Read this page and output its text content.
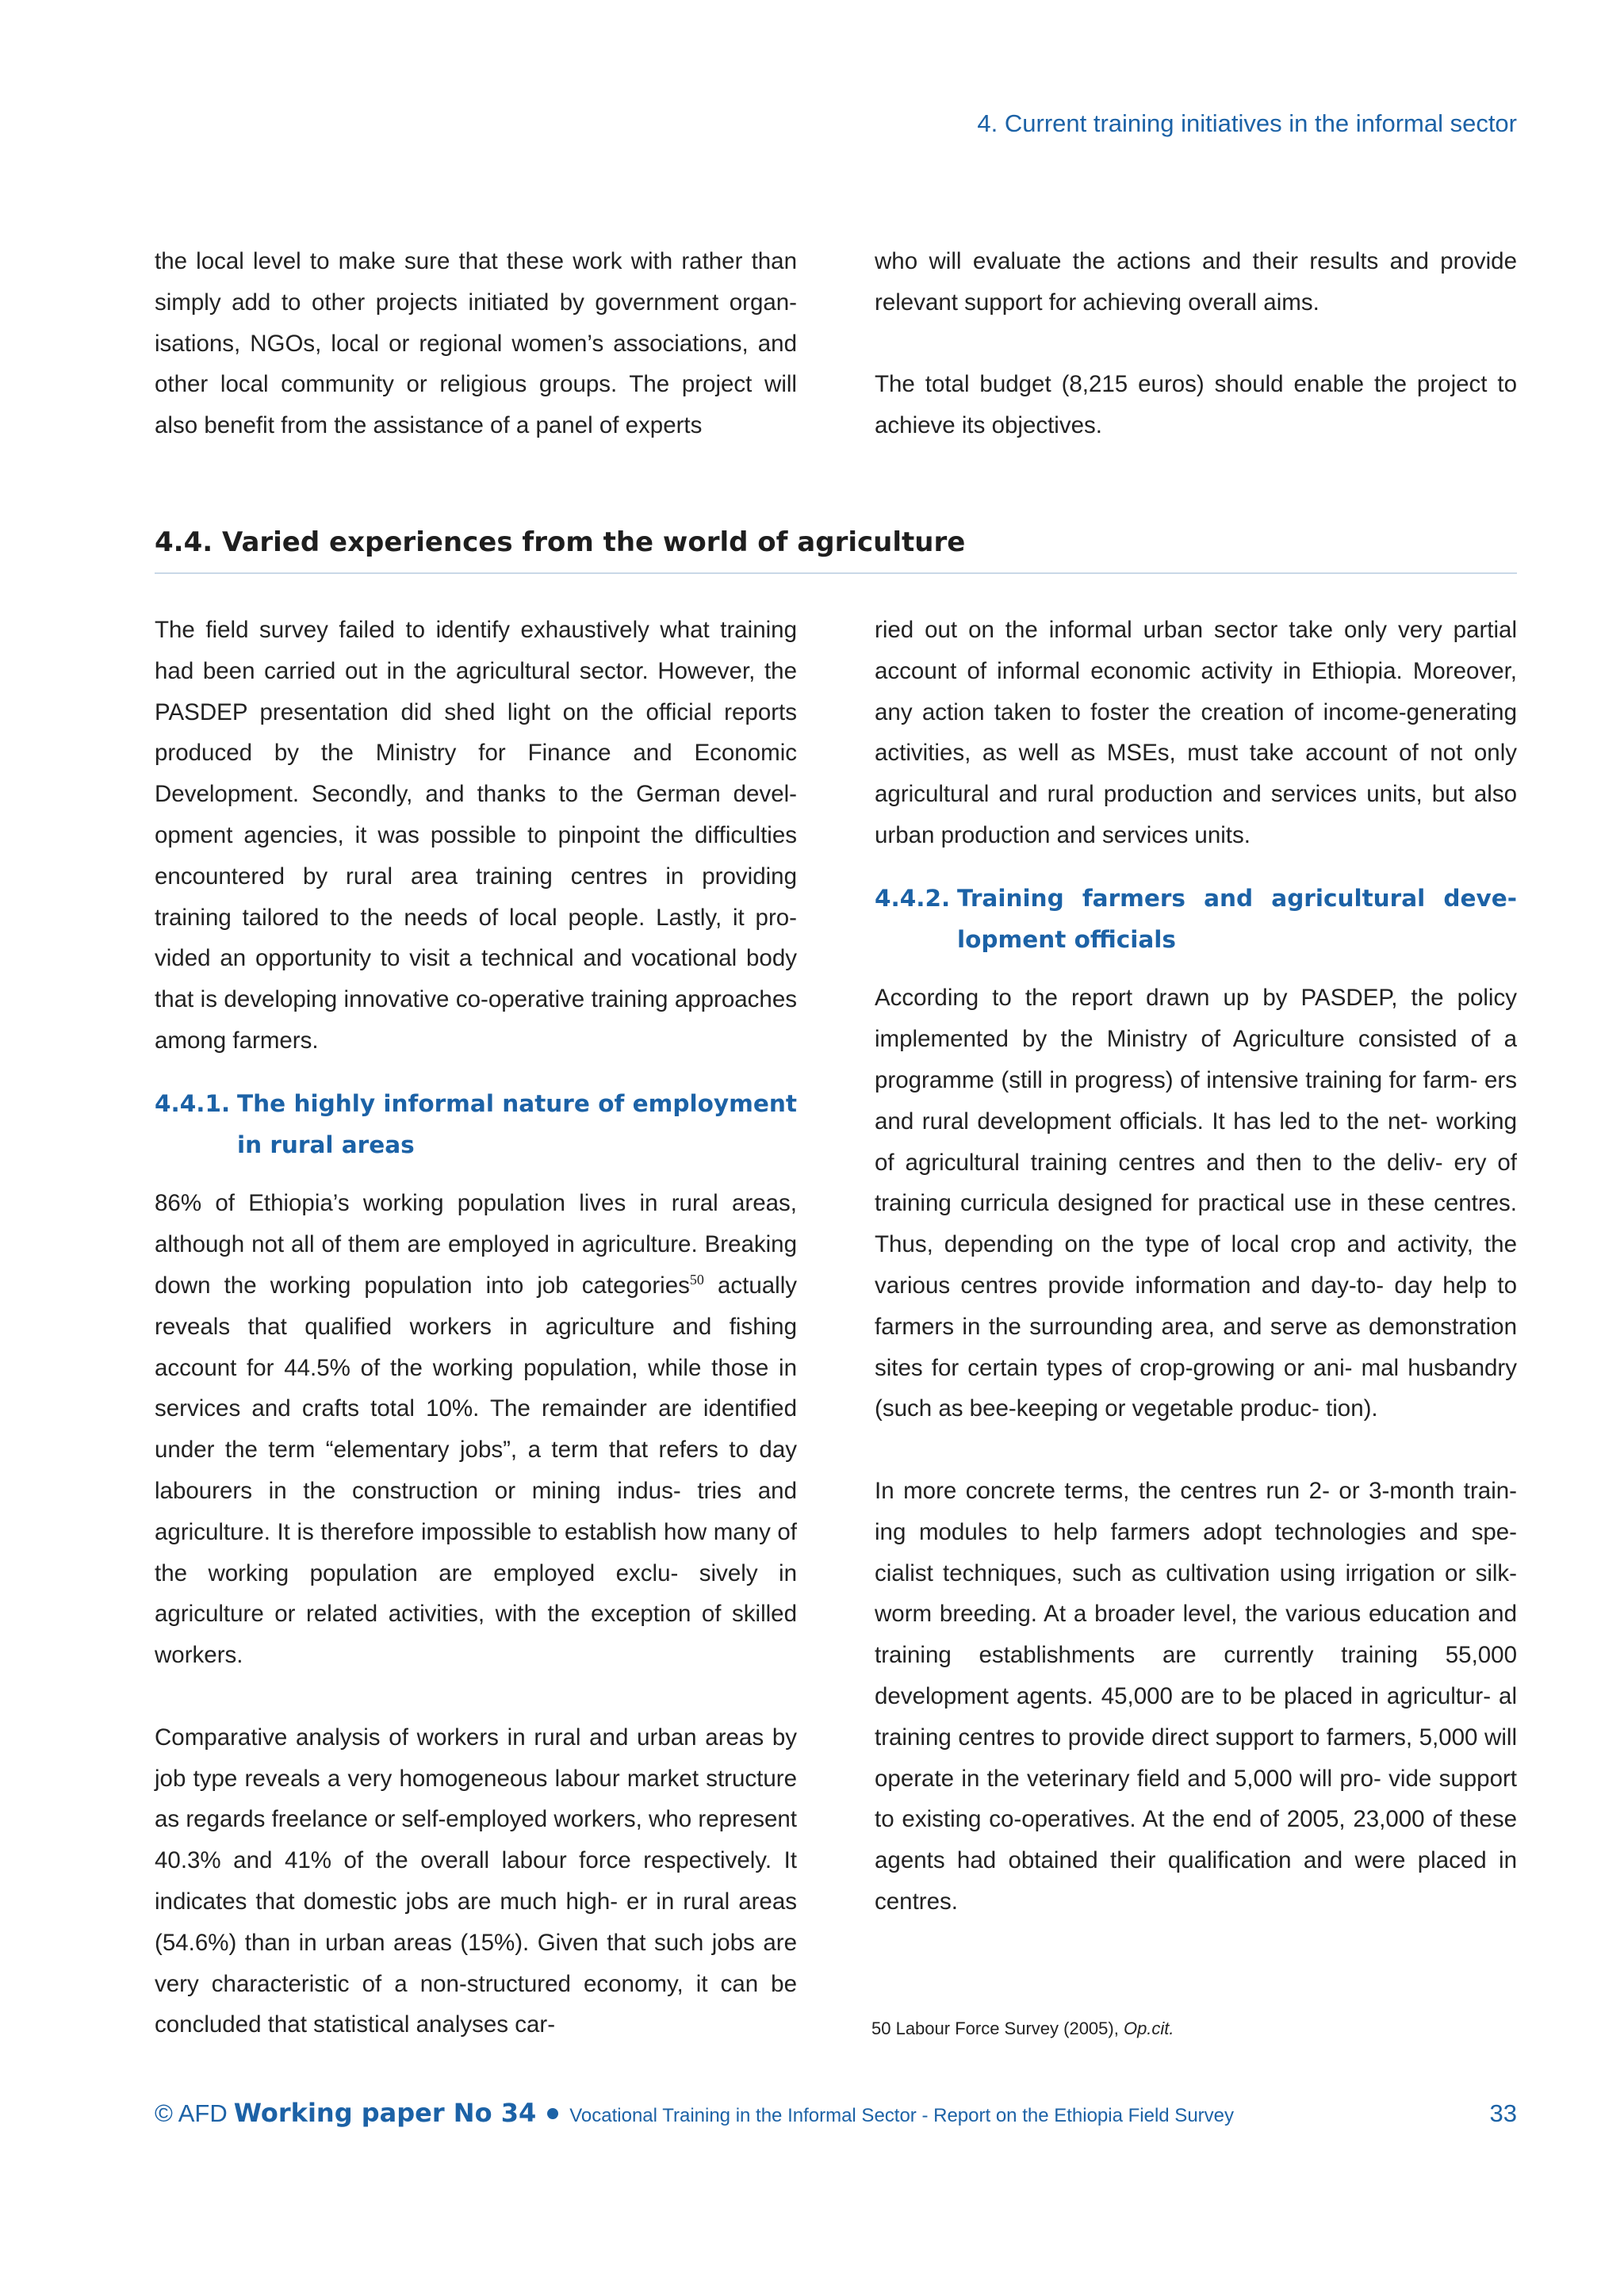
4. Current training initiatives in the informal sector

the local level to make sure that these work with rather than simply add to other projects initiated by government organ- isations, NGOs, local or regional women’s associations, and other local community or religious groups. The project will also benefit from the assistance of a panel of experts

who will evaluate the actions and their results and provide relevant support for achieving overall aims.

The total budget (8,215 euros) should enable the project to achieve its objectives.

4.4. Varied experiences from the world of agriculture

The field survey failed to identify exhaustively what training had been carried out in the agricultural sector. However, the PASDEP presentation did shed light on the official reports produced by the Ministry for Finance and Economic Development. Secondly, and thanks to the German devel- opment agencies, it was possible to pinpoint the difficulties encountered by rural area training centres in providing training tailored to the needs of local people. Lastly, it pro- vided an opportunity to visit a technical and vocational body that is developing innovative co-operative training approaches among farmers.

4.4.1. The highly informal nature of employment in rural areas

86% of Ethiopia’s working population lives in rural areas, although not all of them are employed in agriculture. Breaking down the working population into job categories$^{50}$ actually reveals that qualified workers in agriculture and fishing account for 44.5% of the working population, while those in services and crafts total 10%. The remainder are identified under the term “elementary jobs”, a term that refers to day labourers in the construction or mining indus- tries and agriculture. It is therefore impossible to establish how many of the working population are employed exclu- sively in agriculture or related activities, with the exception of skilled workers.

Comparative analysis of workers in rural and urban areas by job type reveals a very homogeneous labour market structure as regards freelance or self-employed workers, who represent 40.3% and 41% of the overall labour force respectively. It indicates that domestic jobs are much high- er in rural areas (54.6%) than in urban areas (15%). Given that such jobs are very characteristic of a non-structured economy, it can be concluded that statistical analyses car-

ried out on the informal urban sector take only very partial account of informal economic activity in Ethiopia. Moreover, any action taken to foster the creation of income-generating activities, as well as MSEs, must take account of not only agricultural and rural production and services units, but also urban production and services units.

4.4.2. Training farmers and agricultural deve- lopment officials

According to the report drawn up by PASDEP, the policy implemented by the Ministry of Agriculture consisted of a programme (still in progress) of intensive training for farm- ers and rural development officials. It has led to the net- working of agricultural training centres and then to the deliv- ery of training curricula designed for practical use in these centres. Thus, depending on the type of local crop and activity, the various centres provide information and day-to- day help to farmers in the surrounding area, and serve as demonstration sites for certain types of crop-growing or ani- mal husbandry (such as bee-keeping or vegetable produc- tion).

In more concrete terms, the centres run 2- or 3-month train- ing modules to help farmers adopt technologies and spe- cialist techniques, such as cultivation using irrigation or silk- worm breeding. At a broader level, the various education and training establishments are currently training 55,000 development agents. 45,000 are to be placed in agricultur- al training centres to provide direct support to farmers, 5,000 will operate in the veterinary field and 5,000 will pro- vide support to existing co-operatives. At the end of 2005, 23,000 of these agents had obtained their qualification and were placed in centres.

50 Labour Force Survey (2005), Op.cit.
© AFD Working paper No 34 Vocational Training in the Informal Sector - Report on the Ethiopia Field Survey	33
